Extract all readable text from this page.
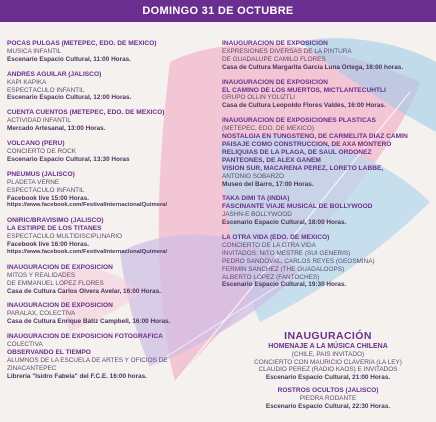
DOMINGO 31 DE OCTUBRE
POCAS PULGAS (METEPEC, EDO. DE MÉXICO)
MÚSICA INFANTIL
Escenario Espacio Cultural, 11:00 Horas.
ANDRÉS AGUILAR (JALISCO)
KAPI KAPIKA
ESPECTÁCULO INFANTIL
Escenario Espacio Cultural, 12:00 Horas.
CUENTA CUENTOS (METEPEC, EDO. DE MÉXICO)
ACTIVIDAD INFANTIL
Mercado Artesanal, 13:00 Horas.
VOLCANO (PERÚ)
CONCIERTO DE ROCK
Escenario Espacio Cultural, 13:30 Horas
PNEUMUS (JALISCO)
PLADETA VERNE
ESPECTÁCULO INFANTIL
Facebook live 15:00 Horas.
https://www.facebook.com/FestivalInternacionalQuimera/
ONIRIC/BRAVÍSIMO (JALISCO)
LA ESTIRPE DE LOS TITANES
ESPECTÁCULO MULTIDISCIPLINARIO
Facebook live 16:00 Horas.
https://www.facebook.com/FestivalInternacionalQuimera/
INAUGURACIÓN DE EXPOSICIÓN
MITOS Y REALIDADES
DE EMMANUEL LÓPEZ FLORES
Casa de Cultura Carlos Olvera Avelar, 16:00 Horas.
INAUGURACIÓN DE EXPOSICIÓN
PARALAX, COLECTIVA
Casa de Cultura Enrique Bátiz Campbell, 16:00 Horas.
INAUGURACIÓN DE EXPOSICIÓN FOTOGRÁFICA
COLECTIVA
OBSERVANDO EL TIEMPO
ALUMNOS DE LA ESCUELA DE ARTES Y OFICIOS DE
ZINACANTEPEC
Librería "Isidro Fabela" del F.C.E. 16:00 horas.
INAUGURACIÓN DE EXPOSICIÓN
EXPRESIONES DIVERSAS DE LA PINTURA
DE GUADALUPE CAMILO FLORES
Casa de Cultura Margarita García Luna Ortega, 16:00 horas.
INAUGURACIÓN DE EXPOSICIÓN
EL CAMINO DE LOS MUERTOS, MICTLANTECUHTLI
GRUPO OLLIN YOLIZTLI
Casa de Cultura Leopoldo Flores Valdés, 16:00 Horas.
INAUGURACIÓN DE EXPOSICIONES PLÁSTICAS
(METEPEC, EDO. DE MÉXICO)
NOSTALGIA EN TUNGSTENO, DE CARMELITA DÍAZ CAMÍN
PAISAJE COMO CONSTRUCCIÓN, DE AXA MONTERO
RELIQUIAS DE LA PLAGA, DE SAÚL ORDOÑEZ
PANTEONES, DE ALEX GANEM
VISIÓN SUR, MACARENA PÉREZ, LORETO LABBÉ,
ANTONIO SOBARZO
Museo del Barro, 17:00 Horas.
TAKA DIMI TA (INDIA)
FASCINANTE VIAJE MUSICAL DE BOLLYWOOD
JASHN-E BOLLYWOOD
Escenario Espacio Cultural, 18:00 Horas.
LA OTRA VIDA (EDO. DE MÉXICO)
CONCIERTO DE LA OTRA VIDA
INVITADOS: NITO MESTRE (SUI GENERIS)
PEDRO SANDOVAL, CARLOS REYES (GEOSMINA)
FERMÍN SÁNCHEZ (THE GUADALOOPS)
ALBERTO LÓPEZ (FANTOCHES)
Escenario Espacio Cultural, 19:30 Horas.
INAUGURACIÓN
HOMENAJE A LA MÚSICA CHILENA
(CHILE, PAÍS INVITADO)
CONCIERTO CON MAURICIO CLAVERÍA (LA LEY)
CLAUDIO PÉREZ (RADIO KAOS) E INVITADOS
Escenario Espacio Cultural, 21:00 Horas.
ROSTROS OCULTOS (JALISCO)
PIEDRA RODANTE
Escenario Espacio Cultural, 22:30 Horas.
